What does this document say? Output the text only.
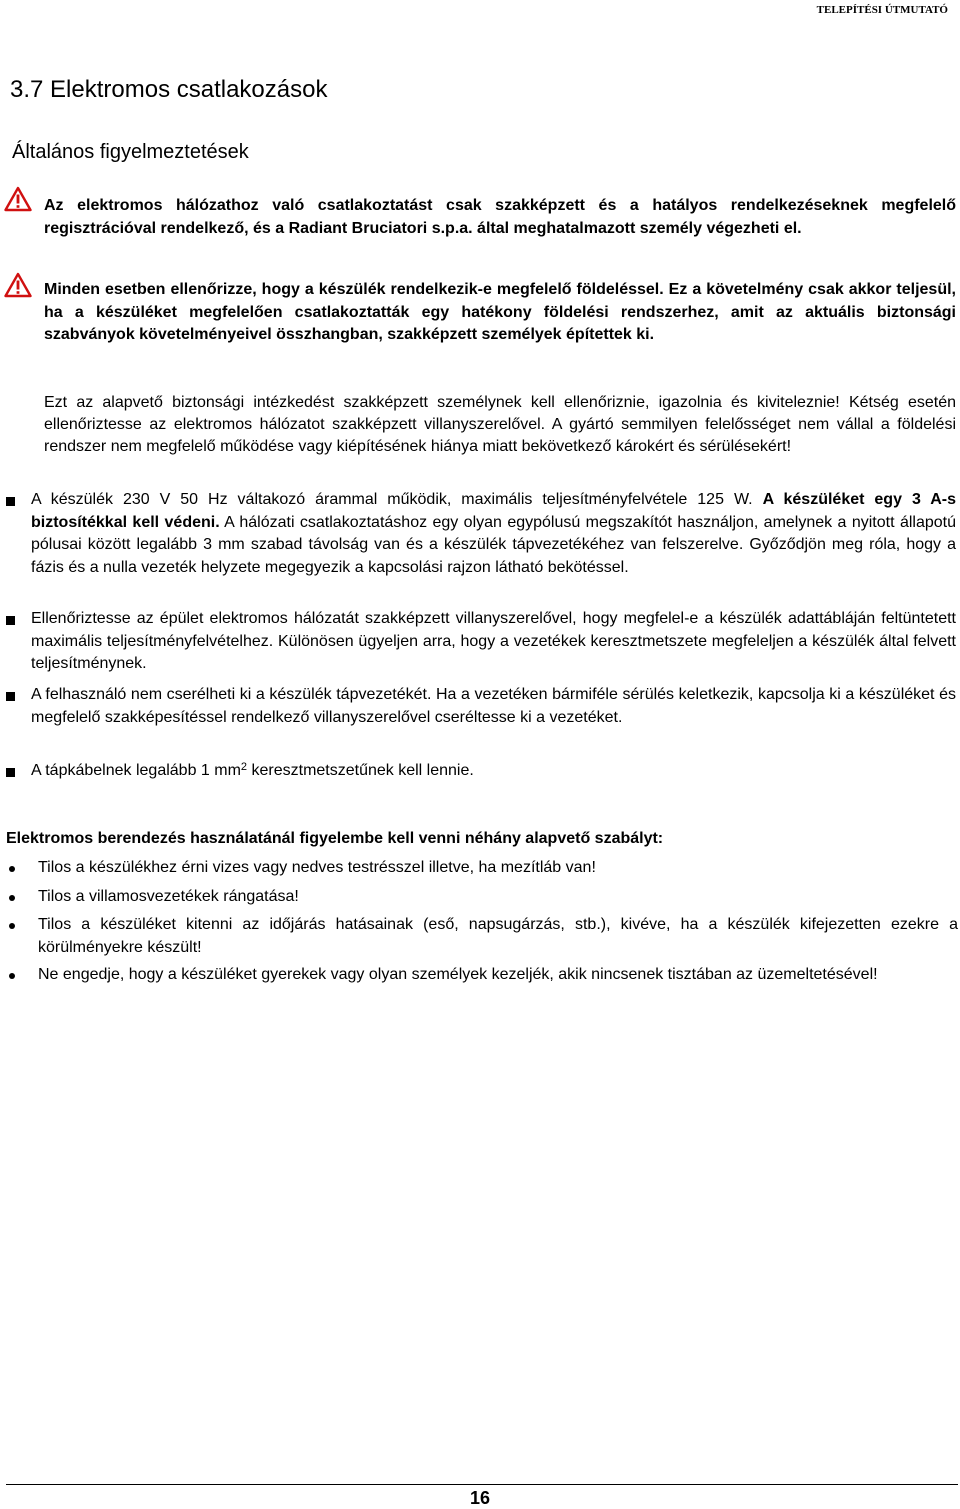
TELEPÍTÉSI ÚTMUTATÓ
3.7 Elektromos csatlakozások
Általános figyelmeztetések
Az elektromos hálózathoz való csatlakoztatást csak szakképzett és a hatályos rendelkezéseknek megfelelő regisztrációval rendelkező, és a Radiant Bruciatori s.p.a. által meghatalmazott személy végezheti el.
Minden esetben ellenőrizze, hogy a készülék rendelkezik-e megfelelő földeléssel. Ez a követelmény csak akkor teljesül, ha a készüléket megfelelően csatlakoztatták egy hatékony földelési rendszerhez, amit az aktuális biztonsági szabványok követelményeivel összhangban, szakképzett személyek építettek ki.

Ezt az alapvető biztonsági intézkedést szakképzett személynek kell ellenőriznie, igazolnia és kiviteleznie! Kétség esetén ellenőriztesse az elektromos hálózatot szakképzett villanyszerelővel. A gyártó semmilyen felelősséget nem vállal a földelési rendszer nem megfelelő működése vagy kiépítésének hiánya miatt bekövetkező károkért és sérülésekért!

A készülék 230 V 50 Hz váltakozó árammal működik, maximális teljesítményfelvétele 125 W. A készüléket egy 3 A-s biztosítékkal kell védeni. A hálózati csatlakoztatáshoz egy olyan egypólusú megszakítót használjon, amelynek a nyitott állapotú pólusai között legalább 3 mm szabad távolság van és a készülék tápvezetékéhez van felszerelve. Győződjön meg róla, hogy a fázis és a nulla vezeték helyzete megegyezik a kapcsolási rajzon látható bekötéssel.
Ellenőriztesse az épület elektromos hálózatát szakképzett villanyszerelővel, hogy megfelel-e a készülék adattábláján feltüntetett maximális teljesítményfelvételhez. Különösen ügyeljen arra, hogy a vezetékek keresztmetszete megfeleljen a készülék által felvett teljesítménynek.
A felhasználó nem cserélheti ki a készülék tápvezetékét. Ha a vezetéken bármiféle sérülés keletkezik, kapcsolja ki a készüléket és megfelelő szakképesítéssel rendelkező villanyszerelővel cseréltesse ki a vezetéket.
A tápkábelnek legalább 1 $mm^2$ keresztmetszetűnek kell lennie.
Elektromos berendezés használatánál figyelembe kell venni néhány alapvető szabályt:
Tilos a készülékhez érni vizes vagy nedves testrésszel illetve, ha mezítláb van!
Tilos a villamosvezetékek rángatása!
Tilos a készüléket kitenni az időjárás hatásainak (eső, napsugárzás, stb.), kivéve, ha a készülék kifejezetten ezekre a körülményekre készült!
Ne engedje, hogy a készüléket gyerekek vagy olyan személyek kezeljék, akik nincsenek tisztában az üzemeltetésével!
16
